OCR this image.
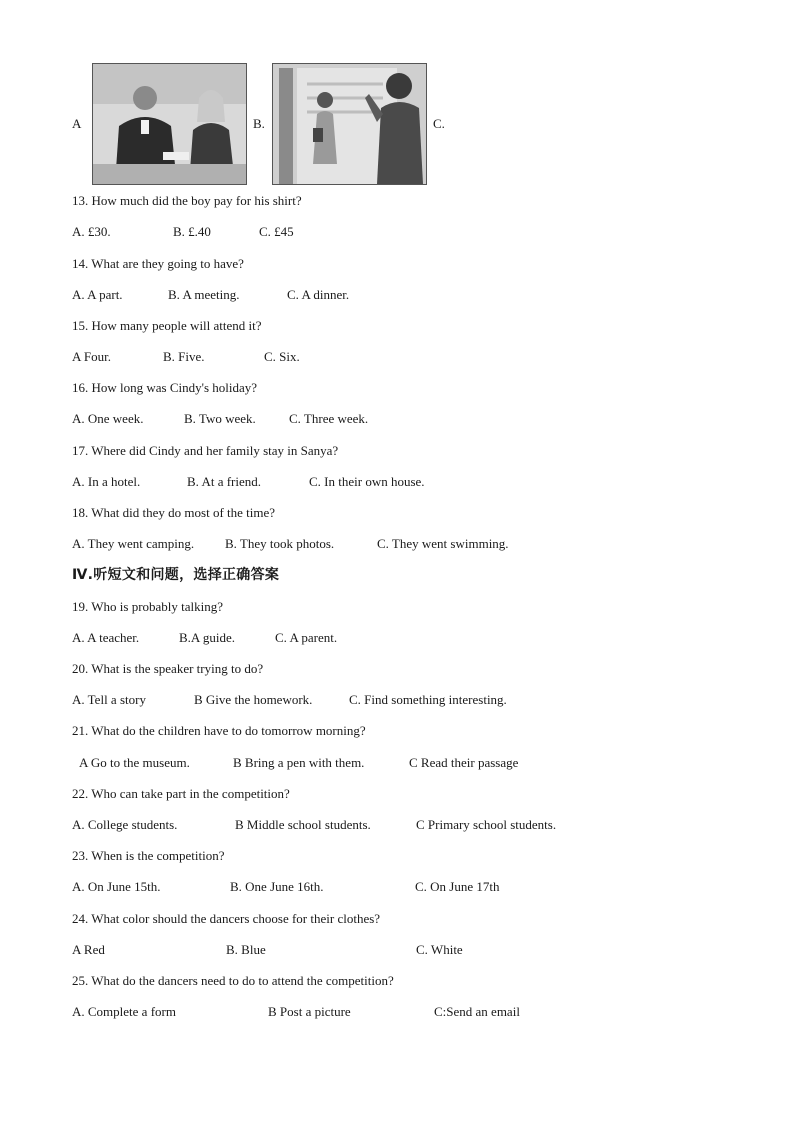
A	B.	C.
13. How much did the boy pay for his shirt?
A. £30.	B. £.40	C. £45
14. What are they going to have?
A. A part.	B. A meeting.	C. A dinner.
15. How many people will attend it?
A Four.	B. Five.	C. Six.
16. How long was Cindy's holiday?
A. One week.	B. Two week.	C. Three week.
17. Where did Cindy and her family stay in Sanya?
A. In a hotel.	B. At a friend.	C. In their own house.
18. What did they do most of the time?
A. They went camping. B. They took photos.	C. They went swimming.
Ⅳ.听短文和问题，选择正确答案
19. Who is probably talking?
A. A teacher.	B.A guide.	C. A parent.
20. What is the speaker trying to do?
A. Tell a story	B Give the homework.	C. Find something interesting.
21. What do the children have to do tomorrow morning?
A Go to the museum.	B Bring a pen with them.	C Read their passage
22. Who can take part in the competition?
A. College students.	B Middle school students.	C Primary school students.
23. When is the competition?
A. On June 15th.	B. One June 16th.	C. On June 17th
24. What color should the dancers choose for their clothes?
A Red	B. Blue	C. White
25. What do the dancers need to do to attend the competition?
A. Complete a form	B Post a picture	C:Send an email
